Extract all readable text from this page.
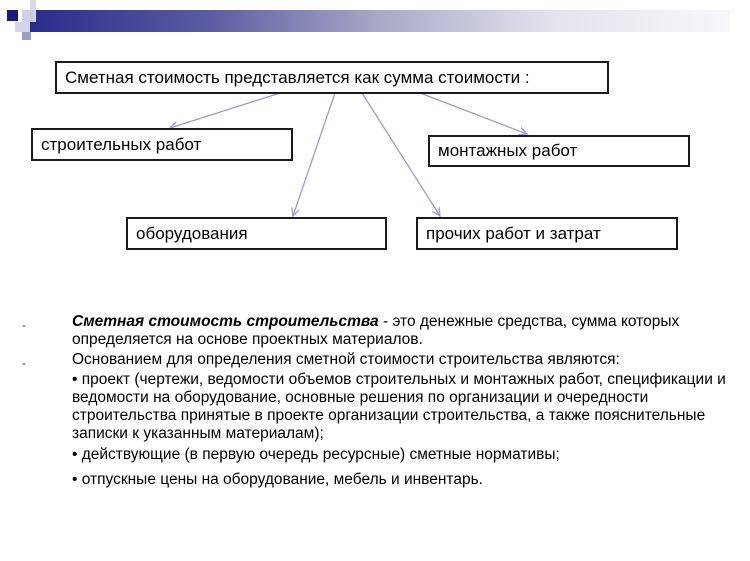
Сметная стоимость представляется как сумма стоимости :
строительных работ	монтажных работ
оборудования	прочих работ и затрат
-
-

Сметная стоимость строительства - это денежные средства, сумма которых определяется на основе проектных материалов.

Основанием для определения сметной стоимости строительства являются:

• проект (чертежи, ведомости объемов строительных и монтажных работ, спецификации и ведомости на оборудование, основные решения по организации и очередности строительства принятые в проекте организации строительства, а также пояснительные записки к указанным материалам);

• действующие (в первую очередь ресурсные) сметные нормативы;

• отпускные цены на оборудование, мебель и инвентарь.
